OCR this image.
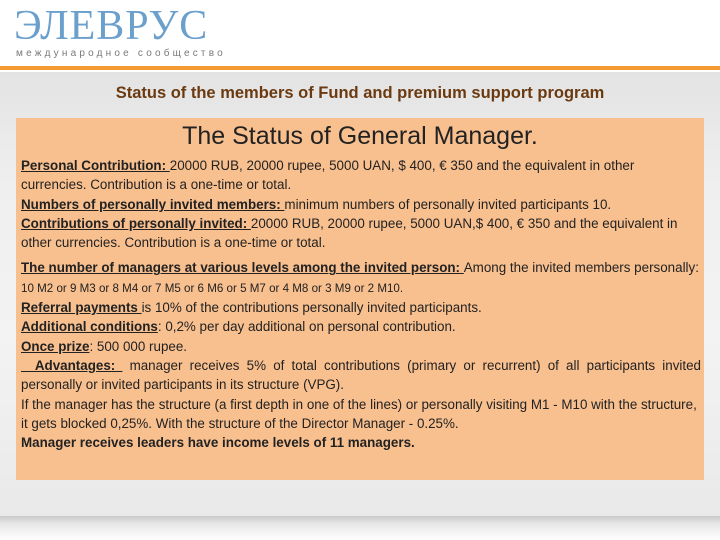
ЭЛЕВРУС
международное сообщество
Status of the members of Fund and premium support program
The Status of General Manager.

Personal Contribution: 20000 RUB, 20000 rupee, 5000 UAN, $ 400, € 350 and the equivalent in other currencies. Contribution is a one-time or total.

Numbers of personally invited members: minimum numbers of personally invited participants 10.

Contributions of personally invited: 20000 RUB, 20000 rupee, 5000 UAN,$ 400, € 350 and the equivalent in other currencies. Contribution is a one-time or total.

The number of managers at various levels among the invited person: Among the invited members personally: 10 M2 or 9 M3 or 8 M4 or 7 M5 or 6 M6 or 5 M7 or 4 M8 or 3 M9 or 2 M10.

Referral payments is 10% of the contributions personally invited participants.

Additional conditions: 0,2% per day additional on personal contribution.

Once prize: 500 000 rupee.

Advantages:  manager receives 5% of total contributions (primary or recurrent) of all participants invited personally or invited participants in its structure (VPG).

If the manager has the structure (a first depth in one of the lines) or personally visiting M1 - M10 with the structure, it gets blocked 0,25%. With the structure of the Director Manager - 0.25%.

Manager receives leaders have income levels of 11 managers.
